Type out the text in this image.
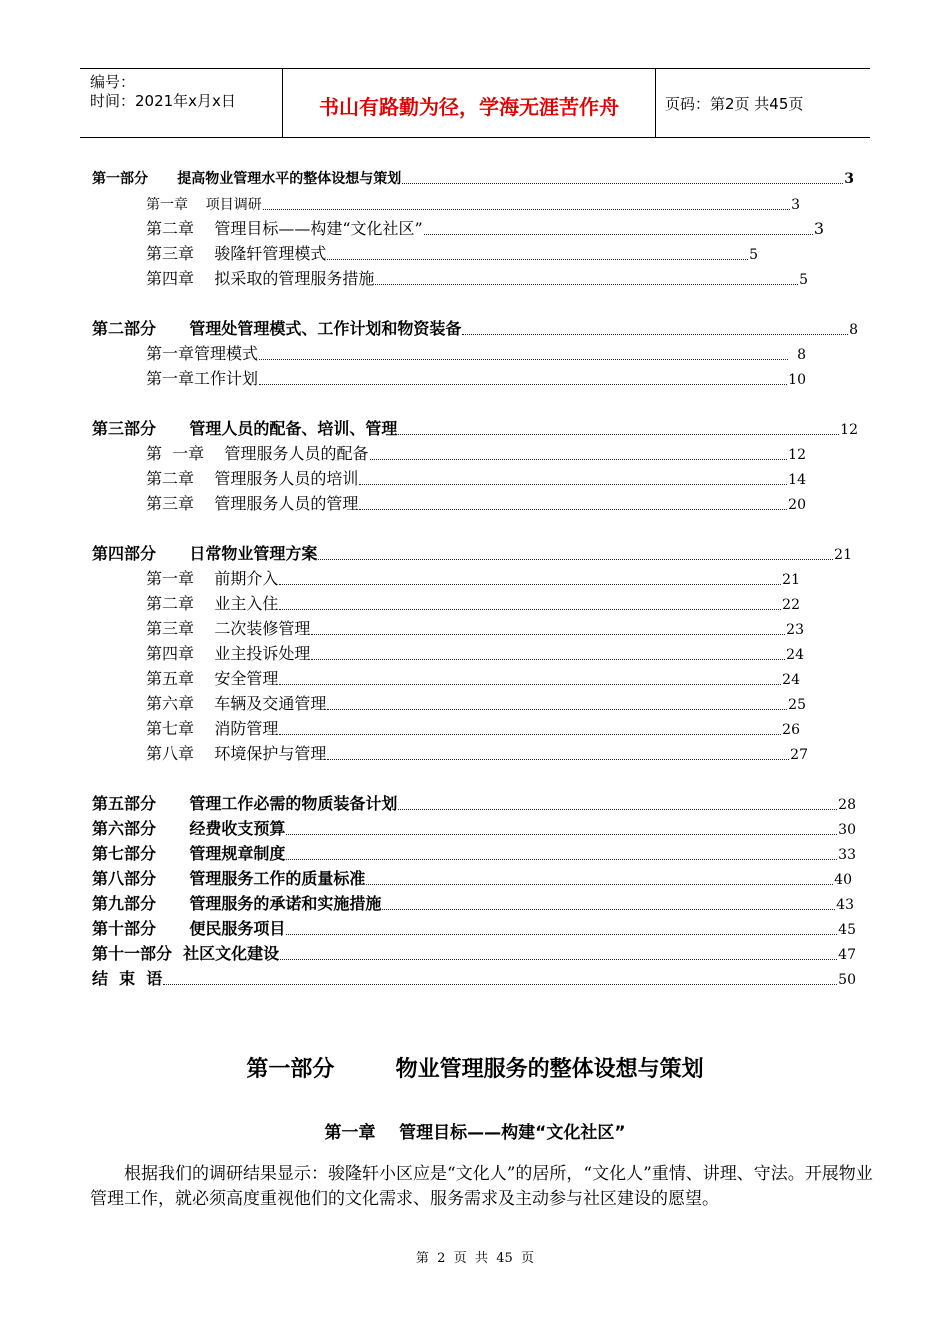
编号：
时间：2021年x月x日	书山有路勤为径，学海无涯苦作舟	页码：第2页 共45页
第一部分      提高物业管理水平的整体设想与策划	3
第一章    项目调研	3
第二章    管理目标——构建“文化社区”	3
第三章    骏隆轩管理模式	5
第四章    拟采取的管理服务措施	5
第二部分      管理处管理模式、工作计划和物资装备	8
第一章管理模式	8
第一章工作计划	10
第三部分      管理人员的配备、培训、管理	12
第  一章    管理服务人员的配备	12
第二章    管理服务人员的培训	14
第三章    管理服务人员的管理	20
第四部分      日常物业管理方案	21
第一章    前期介入	21
第二章    业主入住	22
第三章    二次装修管理	23
第四章    业主投诉处理	24
第五章    安全管理	24
第六章    车辆及交通管理	25
第七章    消防管理	26
第八章    环境保护与管理	27
第五部分      管理工作必需的物质装备计划	28
第六部分      经费收支预算	30
第七部分      管理规章制度	33
第八部分      管理服务工作的质量标准	40
第九部分      管理服务的承诺和实施措施	43
第十部分      便民服务项目	45
第十一部分  社区文化建设	47
结  束  语	50
第一部分        物业管理服务的整体设想与策划
第一章    管理目标——构建“文化社区”
根据我们的调研结果显示：骏隆轩小区应是“文化人”的居所，“文化人”重情、讲理、守法。开展物业管理工作，就必须高度重视他们的文化需求、服务需求及主动参与社区建设的愿望。
第  2  页  共  45  页
